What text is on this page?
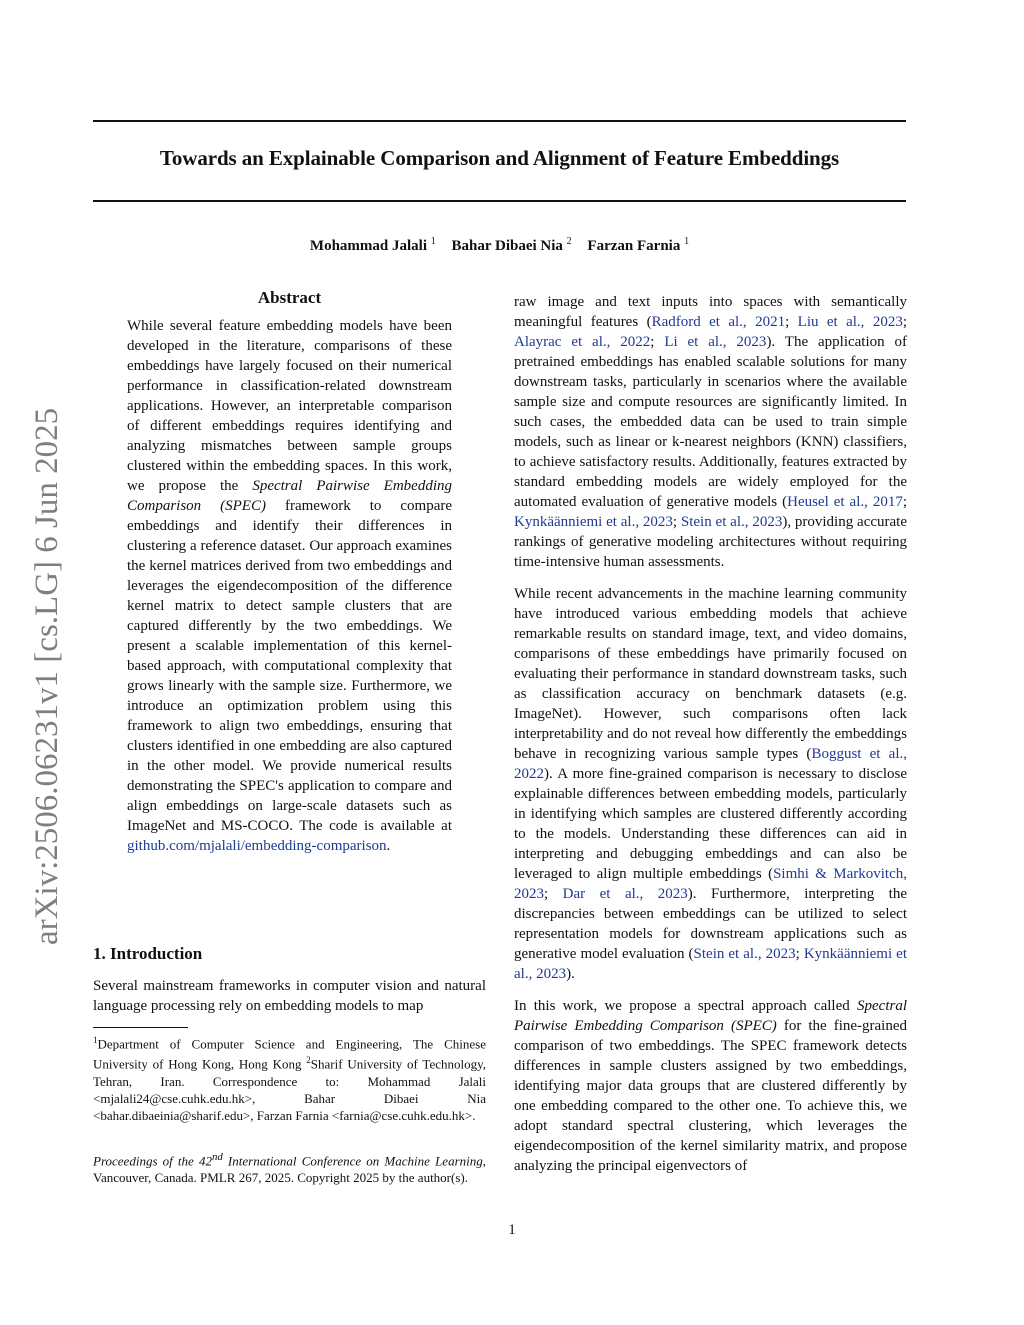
arXiv:2506.06231v1 [cs.LG] 6 Jun 2025
Towards an Explainable Comparison and Alignment of Feature Embeddings
Mohammad Jalali $^1$ Bahar Dibaei Nia $^2$ Farzan Farnia $^1$
Abstract

While several feature embedding models have been developed in the literature, comparisons of these embeddings have largely focused on their numerical performance in classification-related downstream applications. However, an interpretable comparison of different embeddings requires identifying and analyzing mismatches between sample groups clustered within the embedding spaces. In this work, we propose the Spectral Pairwise Embedding Comparison (SPEC) framework to compare embeddings and identify their differences in clustering a reference dataset. Our approach examines the kernel matrices derived from two embeddings and leverages the eigendecomposition of the difference kernel matrix to detect sample clusters that are captured differently by the two embeddings. We present a scalable implementation of this kernel-based approach, with computational complexity that grows linearly with the sample size. Furthermore, we introduce an optimization problem using this framework to align two embeddings, ensuring that clusters identified in one embedding are also captured in the other model. We provide numerical results demonstrating the SPEC's application to compare and align embeddings on large-scale datasets such as ImageNet and MS-COCO. The code is available at github.com/mjalali/embedding-comparison.

1. Introduction

Several mainstream frameworks in computer vision and natural language processing rely on embedding models to map

$^1$Department of Computer Science and Engineering, The Chinese University of Hong Kong, Hong Kong $^2$Sharif University of Technology, Tehran, Iran. Correspondence to: Mohammad Jalali <mjalali24@cse.cuhk.edu.hk>, Bahar Dibaei Nia <bahar.dibaeinia@sharif.edu>, Farzan Farnia <farnia@cse.cuhk.edu.hk>.

Proceedings of the 42nd International Conference on Machine Learning, Vancouver, Canada. PMLR 267, 2025. Copyright 2025 by the author(s).

raw image and text inputs into spaces with semantically meaningful features (Radford et al., 2021; Liu et al., 2023; Alayrac et al., 2022; Li et al., 2023). The application of pretrained embeddings has enabled scalable solutions for many downstream tasks, particularly in scenarios where the available sample size and compute resources are significantly limited. In such cases, the embedded data can be used to train simple models, such as linear or k-nearest neighbors (KNN) classifiers, to achieve satisfactory results. Additionally, features extracted by standard embedding models are widely employed for the automated evaluation of generative models (Heusel et al., 2017; Kynkäänniemi et al., 2023; Stein et al., 2023), providing accurate rankings of generative modeling architectures without requiring time-intensive human assessments.

While recent advancements in the machine learning community have introduced various embedding models that achieve remarkable results on standard image, text, and video domains, comparisons of these embeddings have primarily focused on evaluating their performance in standard downstream tasks, such as classification accuracy on benchmark datasets (e.g. ImageNet). However, such comparisons often lack interpretability and do not reveal how differently the embeddings behave in recognizing various sample types (Boggust et al., 2022). A more fine-grained comparison is necessary to disclose explainable differences between embedding models, particularly in identifying which samples are clustered differently according to the models. Understanding these differences can aid in interpreting and debugging embeddings and can also be leveraged to align multiple embeddings (Simhi & Markovitch, 2023; Dar et al., 2023). Furthermore, interpreting the discrepancies between embeddings can be utilized to select representation models for downstream applications such as generative model evaluation (Stein et al., 2023; Kynkäänniemi et al., 2023).

In this work, we propose a spectral approach called Spectral Pairwise Embedding Comparison (SPEC) for the fine-grained comparison of two embeddings. The SPEC framework detects differences in sample clusters assigned by two embeddings, identifying major data groups that are clustered differently by one embedding compared to the other one. To achieve this, we adopt standard spectral clustering, which leverages the eigendecomposition of the kernel similarity matrix, and propose analyzing the principal eigenvectors of

1
